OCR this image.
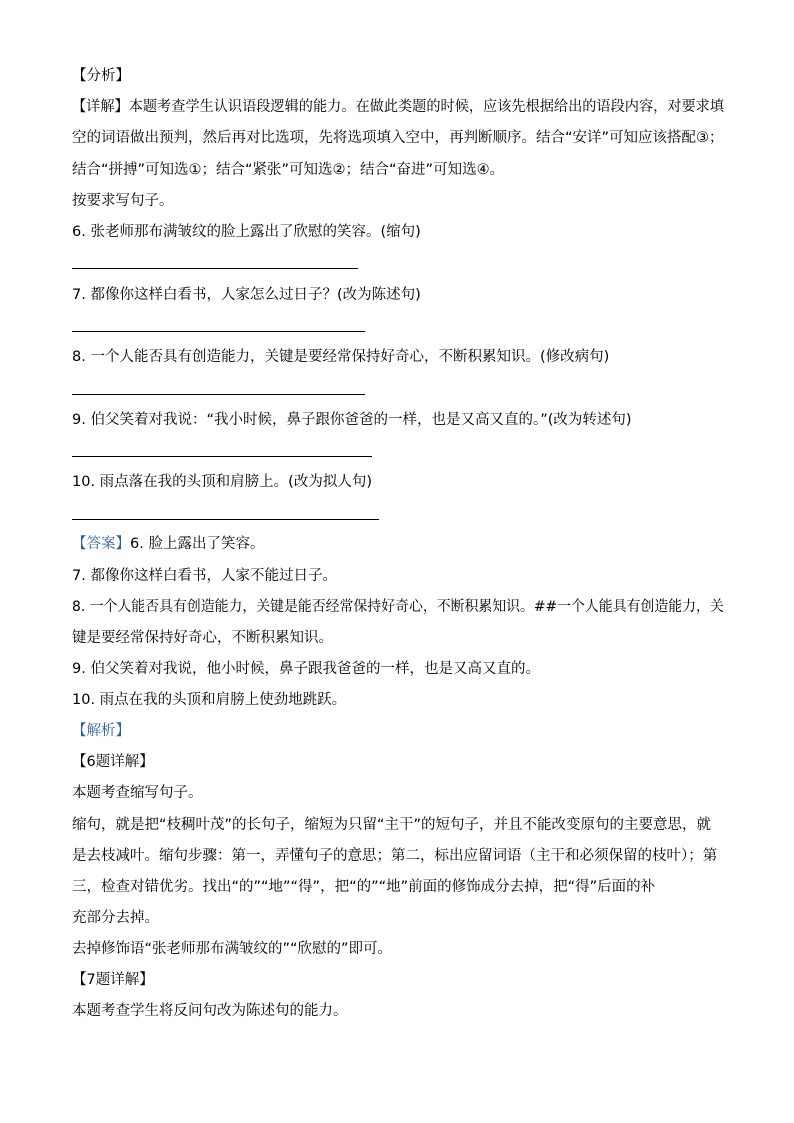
【分析】
【详解】本题考查学生认识语段逻辑的能力。在做此类题的时候，应该先根据给出的语段内容，对要求填
空的词语做出预判，然后再对比选项，先将选项填入空中，再判断顺序。结合“安详”可知应该搭配③；
结合“拼搏”可知选①；结合“紧张”可知选②；结合“奋进”可知选④。
按要求写句子。
6. 张老师那布满皱纹的脸上露出了欣慰的笑容。(缩句)
7. 都像你这样白看书，人家怎么过日子？(改为陈述句)
8. 一个人能否具有创造能力，关键是要经常保持好奇心，不断积累知识。(修改病句)
9. 伯父笑着对我说：“我小时候，鼻子跟你爸爸的一样，也是又高又直的。”(改为转述句)
10. 雨点落在我的头顶和肩膀上。(改为拟人句)
【答案】6. 脸上露出了笑容。
7. 都像你这样白看书，人家不能过日子。
8. 一个人能否具有创造能力，关键是能否经常保持好奇心，不断积累知识。##一个人能具有创造能力，关
键是要经常保持好奇心，不断积累知识。
9. 伯父笑着对我说，他小时候，鼻子跟我爸爸的一样，也是又高又直的。
10. 雨点在我的头顶和肩膀上使劲地跳跃。
【解析】
【6题详解】
本题考查缩写句子。
缩句，就是把“枝稠叶茂”的长句子，缩短为只留“主干”的短句子，并且不能改变原句的主要意思，就
是去枝减叶。缩句步骤：第一，弄懂句子的意思；第二，标出应留词语（主干和必须保留的枝叶）；第
三，检查对错优劣。找出“的”“地”“得”，把“的”“地”前面的修饰成分去掉，把“得”后面的补
充部分去掉。
去掉修饰语“张老师那布满皱纹的”“欣慰的”即可。
【7题详解】
本题考查学生将反问句改为陈述句的能力。
